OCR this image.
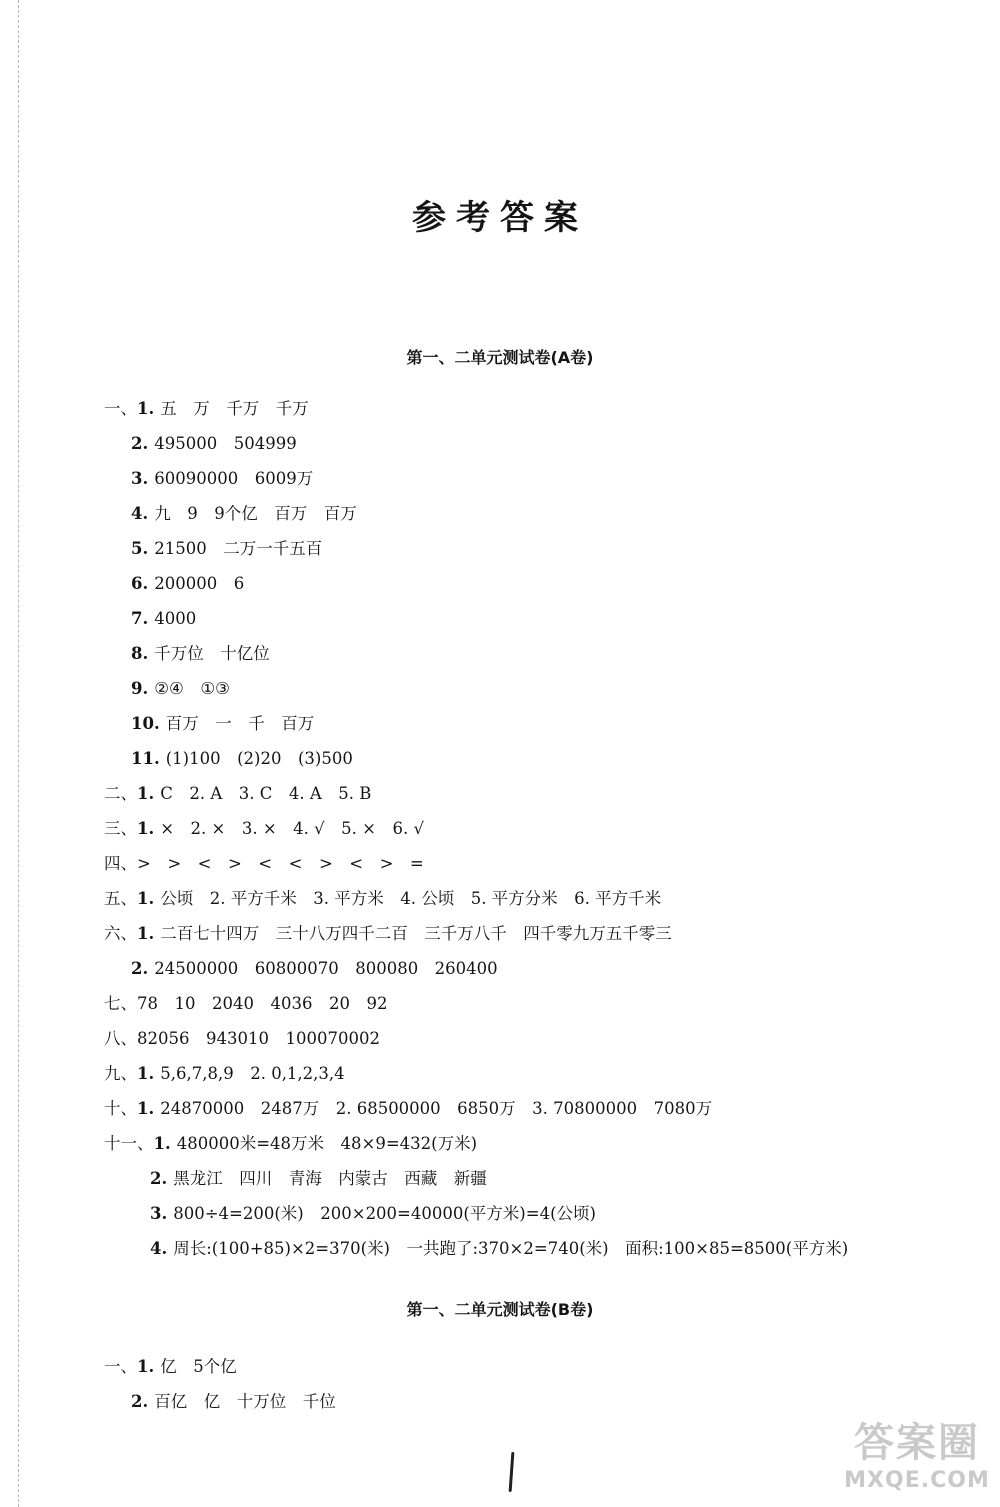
参考答案
第一、二单元测试卷(A卷)
一、1. 五　万　千万　千万
2. 495000　504999
3. 60090000　6009万
4. 九　9　9个亿　百万　百万
5. 21500　二万一千五百
6. 200000　6
7. 4000
8. 千万位　十亿位
9. ②④　①③
10. 百万　一　千　百万
11. (1)100　(2)20　(3)500
二、1. C　2. A　3. C　4. A　5. B
三、1. ×　2. ×　3. ×　4. √　5. ×　6. √
四、>　>　<　>　<　<　>　<　>　=
五、1. 公顷　2. 平方千米　3. 平方米　4. 公顷　5. 平方分米　6. 平方千米
六、1. 二百七十四万　三十八万四千二百　三千万八千　四千零九万五千零三
2. 24500000　60800070　800080　260400
七、78　10　2040　4036　20　92
八、82056　943010　100070002
九、1. 5,6,7,8,9　2. 0,1,2,3,4
十、1. 24870000　2487万　2. 68500000　6850万　3. 70800000　7080万
十一、1. 480000米=48万米　48×9=432(万米)
2. 黑龙江　四川　青海　内蒙古　西藏　新疆
3. 800÷4=200(米)　200×200=40000(平方米)=4(公顷)
4. 周长:(100+85)×2=370(米)　一共跑了:370×2=740(米)　面积:100×85=8500(平方米)
第一、二单元测试卷(B卷)
一、1. 亿　5个亿
2. 百亿　亿　十万位　千位
答案圈
MXQE.COM
